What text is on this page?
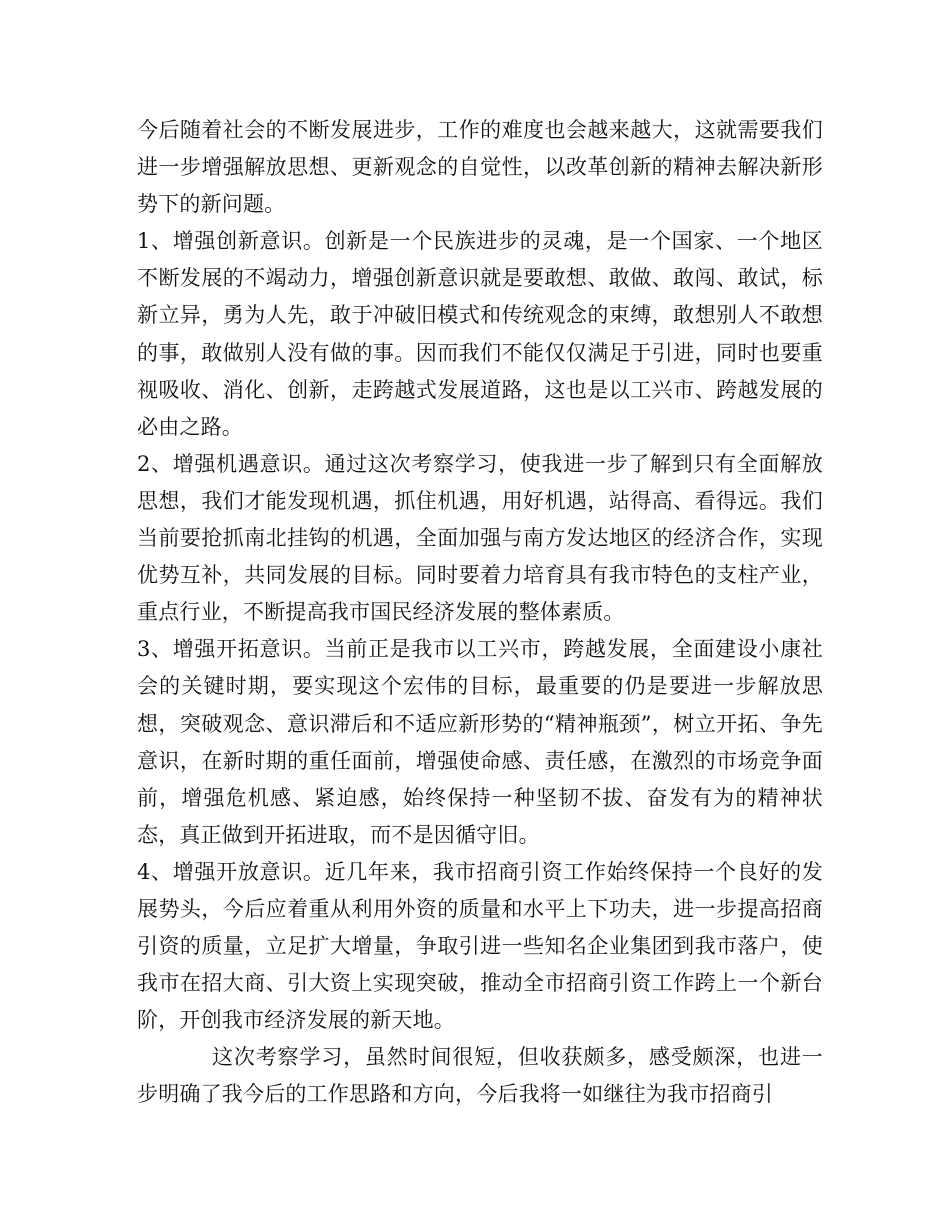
今后随着社会的不断发展进步，工作的难度也会越来越大，这就需要我们进一步增强解放思想、更新观念的自觉性，以改革创新的精神去解决新形势下的新问题。

1、增强创新意识。创新是一个民族进步的灵魂，是一个国家、一个地区不断发展的不竭动力，增强创新意识就是要敢想、敢做、敢闯、敢试，标新立异，勇为人先，敢于冲破旧模式和传统观念的束缚，敢想别人不敢想的事，敢做别人没有做的事。因而我们不能仅仅满足于引进，同时也要重视吸收、消化、创新，走跨越式发展道路，这也是以工兴市、跨越发展的必由之路。

2、增强机遇意识。通过这次考察学习，使我进一步了解到只有全面解放思想，我们才能发现机遇，抓住机遇，用好机遇，站得高、看得远。我们当前要抢抓南北挂钩的机遇，全面加强与南方发达地区的经济合作，实现优势互补，共同发展的目标。同时要着力培育具有我市特色的支柱产业，重点行业，不断提高我市国民经济发展的整体素质。

3、增强开拓意识。当前正是我市以工兴市，跨越发展，全面建设小康社会的关键时期，要实现这个宏伟的目标，最重要的仍是要进一步解放思想，突破观念、意识滞后和不适应新形势的“精神瓶颈”，树立开拓、争先意识，在新时期的重任面前，增强使命感、责任感，在激烈的市场竞争面前，增强危机感、紧迫感，始终保持一种坚韧不拔、奋发有为的精神状态，真正做到开拓进取，而不是因循守旧。

4、增强开放意识。近几年来，我市招商引资工作始终保持一个良好的发展势头，今后应着重从利用外资的质量和水平上下功夫，进一步提高招商引资的质量，立足扩大增量，争取引进一些知名企业集团到我市落户，使我市在招大商、引大资上实现突破，推动全市招商引资工作跨上一个新台阶，开创我市经济发展的新天地。

这次考察学习，虽然时间很短，但收获颇多，感受颇深，也进一步明确了我今后的工作思路和方向，今后我将一如继往为我市招商引
